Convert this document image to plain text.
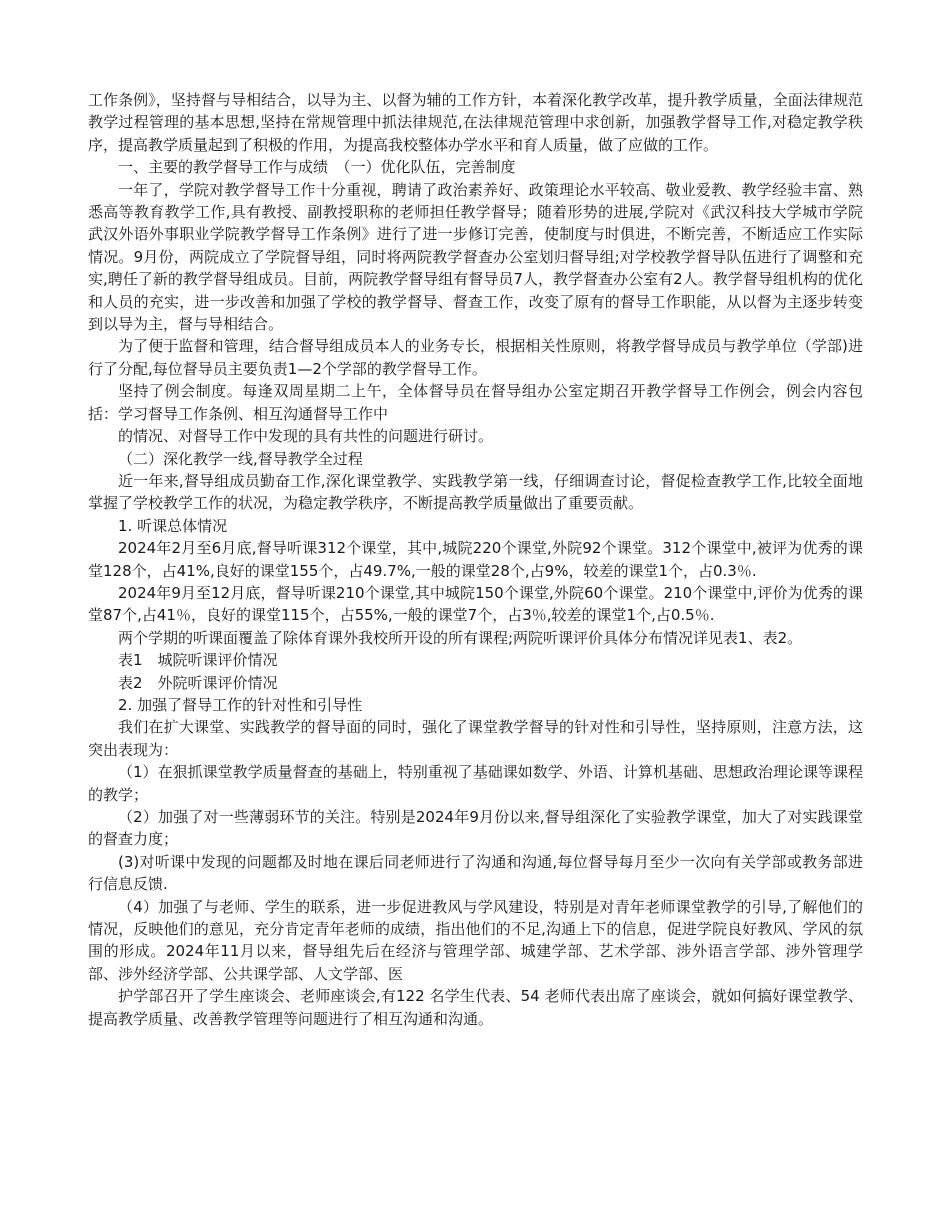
工作条例》，坚持督与导相结合，以导为主、以督为辅的工作方针，本着深化教学改革，提升教学质量，全面法律规范教学过程管理的基本思想,坚持在常规管理中抓法律规范,在法律规范管理中求创新，加强教学督导工作,对稳定教学秩序，提高教学质量起到了积极的作用，为提高我校整体办学水平和育人质量，做了应做的工作。

一、主要的教学督导工作与成绩　（一）优化队伍，完善制度

一年了，学院对教学督导工作十分重视，聘请了政治素养好、政策理论水平较高、敬业爱教、教学经验丰富、熟悉高等教育教学工作,具有教授、副教授职称的老师担任教学督导；随着形势的进展,学院对《武汉科技大学城市学院　武汉外语外事职业学院教学督导工作条例》进行了进一步修订完善，使制度与时俱进，不断完善，不断适应工作实际情况。9月份，两院成立了学院督导组，同时将两院教学督查办公室划归督导组;对学校教学督导队伍进行了调整和充实,聘任了新的教学督导组成员。目前，两院教学督导组有督导员7人，教学督查办公室有2人。教学督导组机构的优化和人员的充实，进一步改善和加强了学校的教学督导、督查工作，改变了原有的督导工作职能，从以督为主逐步转变到以导为主，督与导相结合。

为了便于监督和管理，结合督导组成员本人的业务专长，根据相关性原则，将教学督导成员与教学单位（学部)进行了分配,每位督导员主要负责1—2个学部的教学督导工作。

坚持了例会制度。每逢双周星期二上午，全体督导员在督导组办公室定期召开教学督导工作例会，例会内容包括：学习督导工作条例、相互沟通督导工作中

的情况、对督导工作中发现的具有共性的问题进行研讨。

（二）深化教学一线,督导教学全过程

近一年来,督导组成员勤奋工作,深化课堂教学、实践教学第一线，仔细调查讨论，督促检查教学工作,比较全面地掌握了学校教学工作的状况，为稳定教学秩序，不断提高教学质量做出了重要贡献。

1. 听课总体情况

2024年2月至6月底,督导听课312个课堂，其中,城院220个课堂,外院92个课堂。312个课堂中,被评为优秀的课堂128个，占41%,良好的课堂155个，占49.7%,一般的课堂28个,占9%，较差的课堂1个，占0.3％.

2024年9月至12月底，督导听课210个课堂,其中城院150个课堂,外院60个课堂。210个课堂中,评价为优秀的课堂87个,占41％，良好的课堂115个，占55%,一般的课堂7个，占3％,较差的课堂1个,占0.5％.

两个学期的听课面覆盖了除体育课外我校所开设的所有课程;两院听课评价具体分布情况详见表1、表2。

表1　城院听课评价情况

表2　外院听课评价情况

2. 加强了督导工作的针对性和引导性

我们在扩大课堂、实践教学的督导面的同时，强化了课堂教学督导的针对性和引导性，坚持原则，注意方法，这突出表现为：

（1）在狠抓课堂教学质量督查的基础上，特别重视了基础课如数学、外语、计算机基础、思想政治理论课等课程的教学；

（2）加强了对一些薄弱环节的关注。特别是2024年9月份以来,督导组深化了实验教学课堂，加大了对实践课堂的督查力度；

(3)对听课中发现的问题都及时地在课后同老师进行了沟通和沟通,每位督导每月至少一次向有关学部或教务部进行信息反馈.

（4）加强了与老师、学生的联系，进一步促进教风与学风建设，特别是对青年老师课堂教学的引导,了解他们的情况，反映他们的意见，充分肯定青年老师的成绩，指出他们的不足,沟通上下的信息，促进学院良好教风、学风的氛围的形成。2024年11月以来，督导组先后在经济与管理学部、城建学部、艺术学部、涉外语言学部、涉外管理学部、涉外经济学部、公共课学部、人文学部、医

护学部召开了学生座谈会、老师座谈会,有122 名学生代表、54 老师代表出席了座谈会，就如何搞好课堂教学、提高教学质量、改善教学管理等问题进行了相互沟通和沟通。
